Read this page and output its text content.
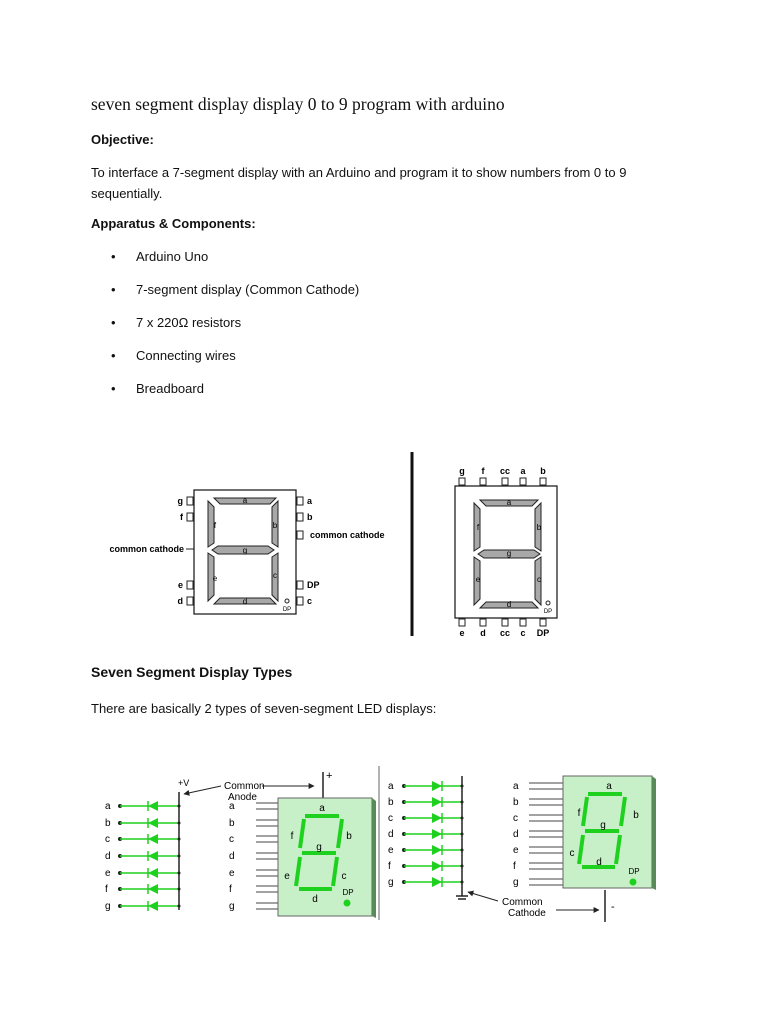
seven segment display display 0 to 9 program with arduino
Objective:

To interface a 7-segment display with an Arduino and program it to show numbers from 0 to 9
sequentially.

Apparatus & Components:
• Arduino Uno
• 7-segment display (Common Cathode)
• 7 x 220Ω resistors
• Connecting wires
• Breadboard
a
b
c
d
e
f
g
DP
g
f
e
d
common cathode
a
b
DP
c
common cathode
g f cc a b
a
b
c
d
e
f
g
DP
e d cc c DP
Seven Segment Display Types

There are basically 2 types of seven-segment LED displays:

+V
a
b
c
d
e
f
g
Common
Anode
+
a
b
c
d
e
f
g
a
b
c
d
e
f
g
DP
a
b
c
d
e
f
g
Common
Cathode
-
a
b
c
d
e
f
g
a
b
c
d
f
g
DP
